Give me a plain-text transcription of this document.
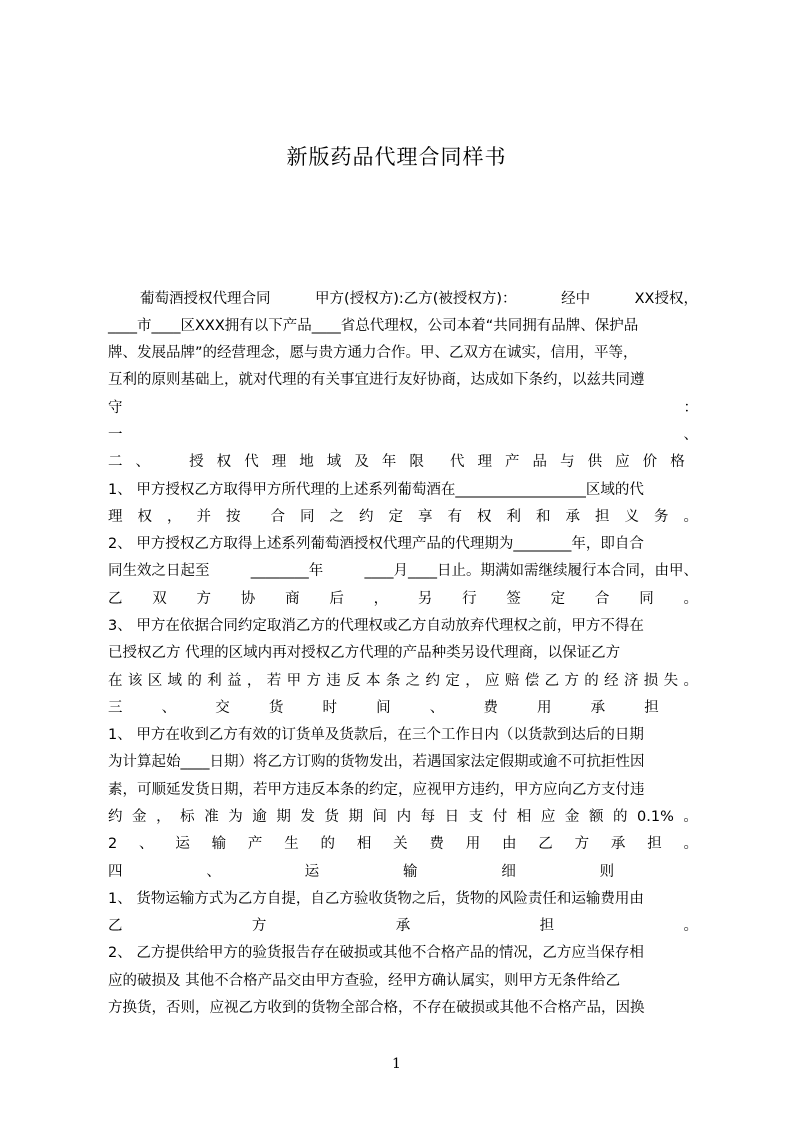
新版药品代理合同样书
葡萄酒授权代理合同	甲方(授权方):乙方(被授权方)：	经中	XX授权，
____市____区XXX拥有以下产品____省总代理权，公司本着“共同拥有品牌、保护品
牌、发展品牌”的经营理念，愿与贵方通力合作。甲、乙双方在诚实，信用，平等，
互利的原则基础上，就对代理的有关事宜进行友好协商，达成如下条约，以兹共同遵
守	：
一	、
二 、	授 权 代 理 地 域 及 年 限 代 理 产 品 与 供 应 价 格
1、 甲方授权乙方取得甲方所代理的上述系列葡萄酒在__________________区域的代
理 权 ， 并 按 合 同 之 约 定 享 有 权 利 和 承 担 义 务 。
2、 甲方授权乙方取得上述系列葡萄酒授权代理产品的代理期为________年，即自合
同生效之日起至	________年	____月____日止。期满如需继续履行本合同，由甲、
乙 双 方 协 商 后 ， 另 行 签 定 合 同 。
3、 甲方在依据合同约定取消乙方的代理权或乙方自动放弃代理权之前，甲方不得在
已授权乙方 代理的区域内再对授权乙方代理的产品种类另设代理商，以保证乙方
在 该 区 域 的 利 益 ， 若 甲 方 违 反 本 条 之 约 定 ， 应 赔 偿 乙 方 的 经 济 损 失 。
三	、	交	货	时	间	、	费	用	承	担
1、 甲方在收到乙方有效的订货单及货款后，在三个工作日内（以货款到达后的日期
为计算起始____日期）将乙方订购的货物发出，若遇国家法定假期或逾不可抗拒性因
素，可顺延发货日期，若甲方违反本条的约定，应视甲方违约，甲方应向乙方支付违
约 金 ， 标 准 为 逾 期 发 货 期 间 内 每 日 支 付 相 应 金 额 的 0.1% 。
2 、 运 输 产 生 的 相 关 费 用 由 乙 方 承 担 。
四	、	运	输	细	则
1、 货物运输方式为乙方自提，自乙方验收货物之后，货物的风险责任和运输费用由
乙	方	承	担	。
2、 乙方提供给甲方的验货报告存在破损或其他不合格产品的情况，乙方应当保存相
应的破损及 其他不合格产品交由甲方查验，经甲方确认属实，则甲方无条件给乙
方换货，否则，应视乙方收到的货物全部合格，不存在破损或其他不合格产品，因换
1
